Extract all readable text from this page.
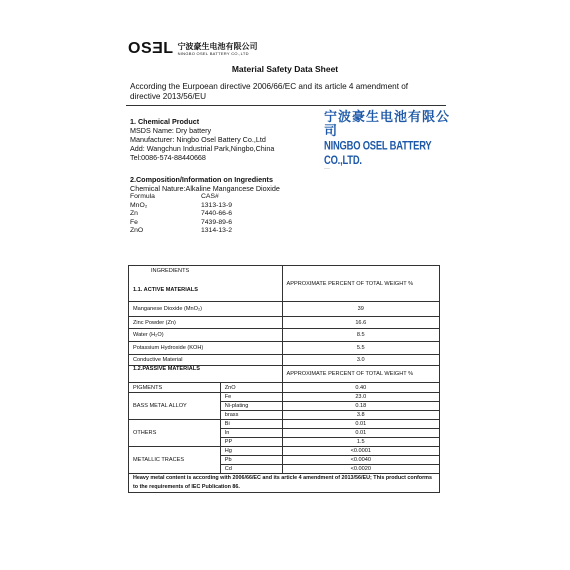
OSƎL 宁波豪生电池有限公司
NINGBO OSEL BATTERY CO.,LTD
Material Safety Data Sheet
According the Eurpoean directive 2006/66/EC and its article 4 amendment of
directive 2013/56/EU
1. Chemical Product
MSDS Name: Dry battery
Manufacturer: Ningbo Osel Battery Co.,Ltd
Add: Wangchun Industrial Park,Ningbo,China
Tel:0086-574-88440668
宁波豪生电池有限公司
NINGBO OSEL BATTERY CO.,LTD.
——
2.Composition/Information on Ingredients
Chemical Nature:Alkaline Mangancese Dioxide
Formula	CAS#
MnO₂	1313-13-9
Zn	7440-66-6
Fe	7439-89-6
ZnO	1314-13-2
INGREDIENTS
1.1. ACTIVE MATERIALS		APPROXIMATE PERCENT OF TOTAL WEIGHT %
Manganese Dioxide (MnO₂)		39
Zinc Powder (Zn)		16.6
Water (H₂O)		8.5
Potassium Hydroxide (KOH)		5.5
Conductive Material		3.0
1.2.PASSIVE MATERIALS		APPROXIMATE PERCENT OF TOTAL WEIGHT %
PIGMENTS	ZnO	0.40
BASS METAL ALLOY	Fe	23.0
	Ni-plating	0.18
	brass	3.8
OTHERS	Bi	0.01
	In	0.01
	PP	1.5
METALLIC TRACES	Hg	<0.0001
	Pb	<0.0040
	Cd	<0.0020
Heavy metal content is according with 2006/66/EC and its article 4 amendment of 2013/56/EU; This product conforms to the requirements of IEC Publication 86.		
